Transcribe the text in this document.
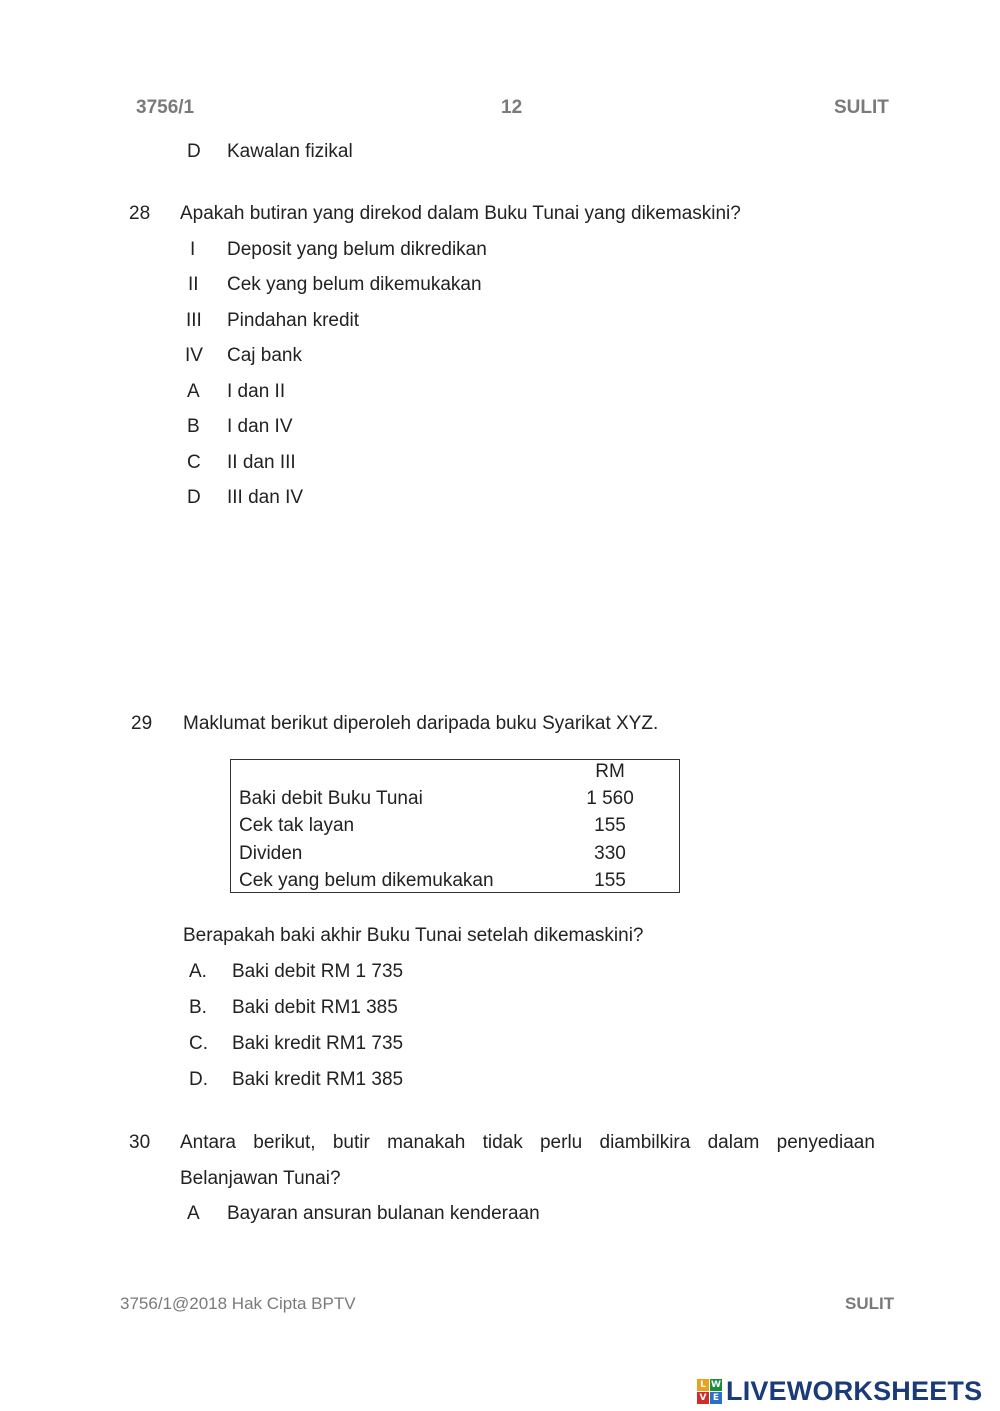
3756/1	12	SULIT
D Kawalan fizikal
28 Apakah butiran yang direkod dalam Buku Tunai yang dikemaskini?
I Deposit yang belum dikredikan
II Cek yang belum dikemukakan
III Pindahan kredit
IV Caj bank
A I dan II
B I dan IV
C II dan III
D III dan IV
29 Maklumat berikut diperoleh daripada buku Syarikat XYZ.
RM
Baki debit Buku Tunai	1 560
Cek tak layan	155
Dividen	330
Cek yang belum dikemukakan	155
Berapakah baki akhir Buku Tunai setelah dikemaskini?
A. Baki debit RM 1 735
B. Baki debit RM1 385
C. Baki kredit RM1 735
D. Baki kredit RM1 385
30 Antara berikut, butir manakah tidak perlu diambilkira dalam penyediaan
Belanjawan Tunai?
A Bayaran ansuran bulanan kenderaan
3756/1@2018 Hak Cipta BPTV	SULIT
L W
V E LIVEWORKSHEETS
